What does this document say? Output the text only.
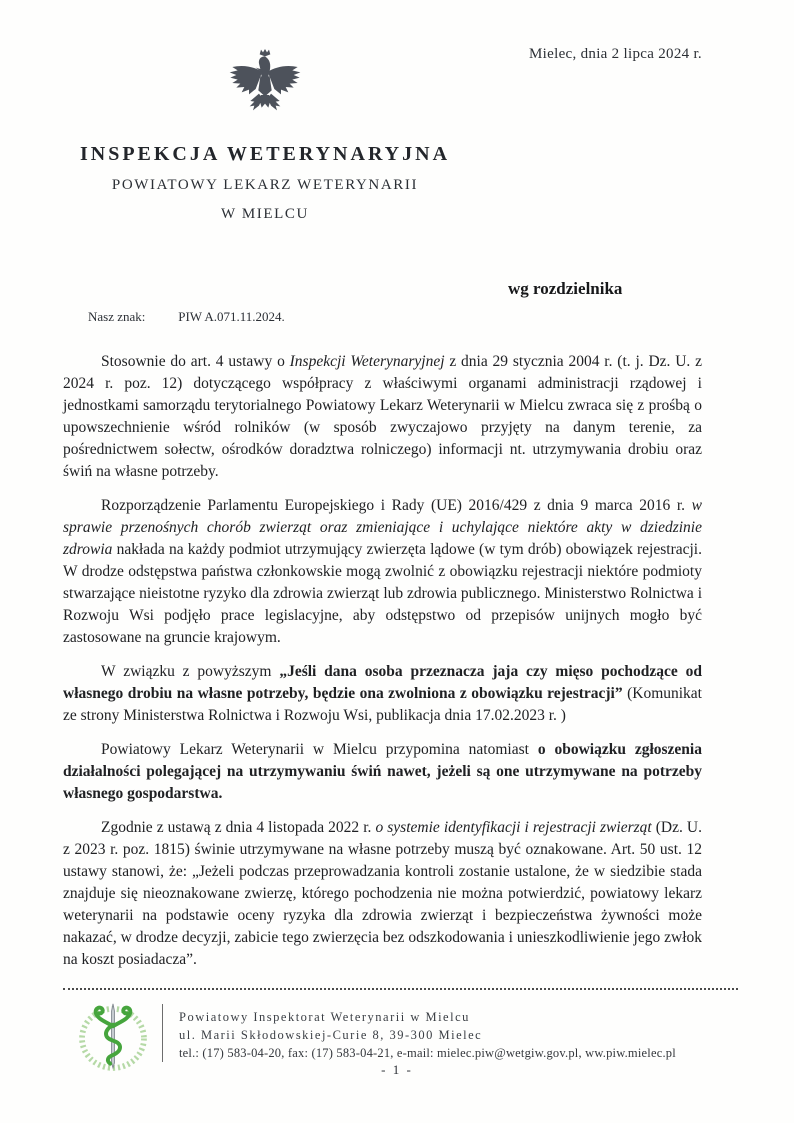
Mielec, dnia 2 lipca 2024 r.
INSPEKCJA WETERYNARYJNA
POWIATOWY LEKARZ WETERYNARII
W MIELCU
wg rozdzielnika
Nasz znak:	PIW A.071.11.2024.

Stosownie do art. 4 ustawy o Inspekcji Weterynaryjnej z dnia 29 stycznia 2004 r. (t. j. Dz. U. z 2024 r. poz. 12) dotyczącego współpracy z właściwymi organami administracji rządowej i jednostkami samorządu terytorialnego Powiatowy Lekarz Weterynarii w Mielcu zwraca się z prośbą o upowszechnienie wśród rolników (w sposób zwyczajowo przyjęty na danym terenie, za pośrednictwem sołectw, ośrodków doradztwa rolniczego) informacji nt. utrzymywania drobiu oraz świń na własne potrzeby.

Rozporządzenie Parlamentu Europejskiego i Rady (UE) 2016/429 z dnia 9 marca 2016 r. w sprawie przenośnych chorób zwierząt oraz zmieniające i uchylające niektóre akty w dziedzinie zdrowia nakłada na każdy podmiot utrzymujący zwierzęta lądowe (w tym drób) obowiązek rejestracji. W drodze odstępstwa państwa członkowskie mogą zwolnić z obowiązku rejestracji niektóre podmioty stwarzające nieistotne ryzyko dla zdrowia zwierząt lub zdrowia publicznego. Ministerstwo Rolnictwa i Rozwoju Wsi podjęło prace legislacyjne, aby odstępstwo od przepisów unijnych mogło być zastosowane na gruncie krajowym.

W związku z powyższym „Jeśli dana osoba przeznacza jaja czy mięso pochodzące od własnego drobiu na własne potrzeby, będzie ona zwolniona z obowiązku rejestracji” (Komunikat ze strony Ministerstwa Rolnictwa i Rozwoju Wsi, publikacja dnia 17.02.2023 r. )

Powiatowy Lekarz Weterynarii w Mielcu przypomina natomiast o obowiązku zgłoszenia działalności polegającej na utrzymywaniu świń nawet, jeżeli są one utrzymywane na potrzeby własnego gospodarstwa.

Zgodnie z ustawą z dnia 4 listopada 2022 r. o systemie identyfikacji i rejestracji zwierząt (Dz. U. z 2023 r. poz. 1815) świnie utrzymywane na własne potrzeby muszą być oznakowane. Art. 50 ust. 12 ustawy stanowi, że: „Jeżeli podczas przeprowadzania kontroli zostanie ustalone, że w siedzibie stada znajduje się nieoznakowane zwierzę, którego pochodzenia nie można potwierdzić, powiatowy lekarz weterynarii na podstawie oceny ryzyka dla zdrowia zwierząt i bezpieczeństwa żywności może nakazać, w drodze decyzji, zabicie tego zwierzęcia bez odszkodowania i unieszkodliwienie jego zwłok na koszt posiadacza”.

Powiatowy Inspektorat Weterynarii w Mielcu
ul. Marii Skłodowskiej-Curie 8, 39-300 Mielec
tel.: (17) 583-04-20, fax: (17) 583-04-21, e-mail: mielec.piw@wetgiw.gov.pl, ww.piw.mielec.pl
- 1 -
